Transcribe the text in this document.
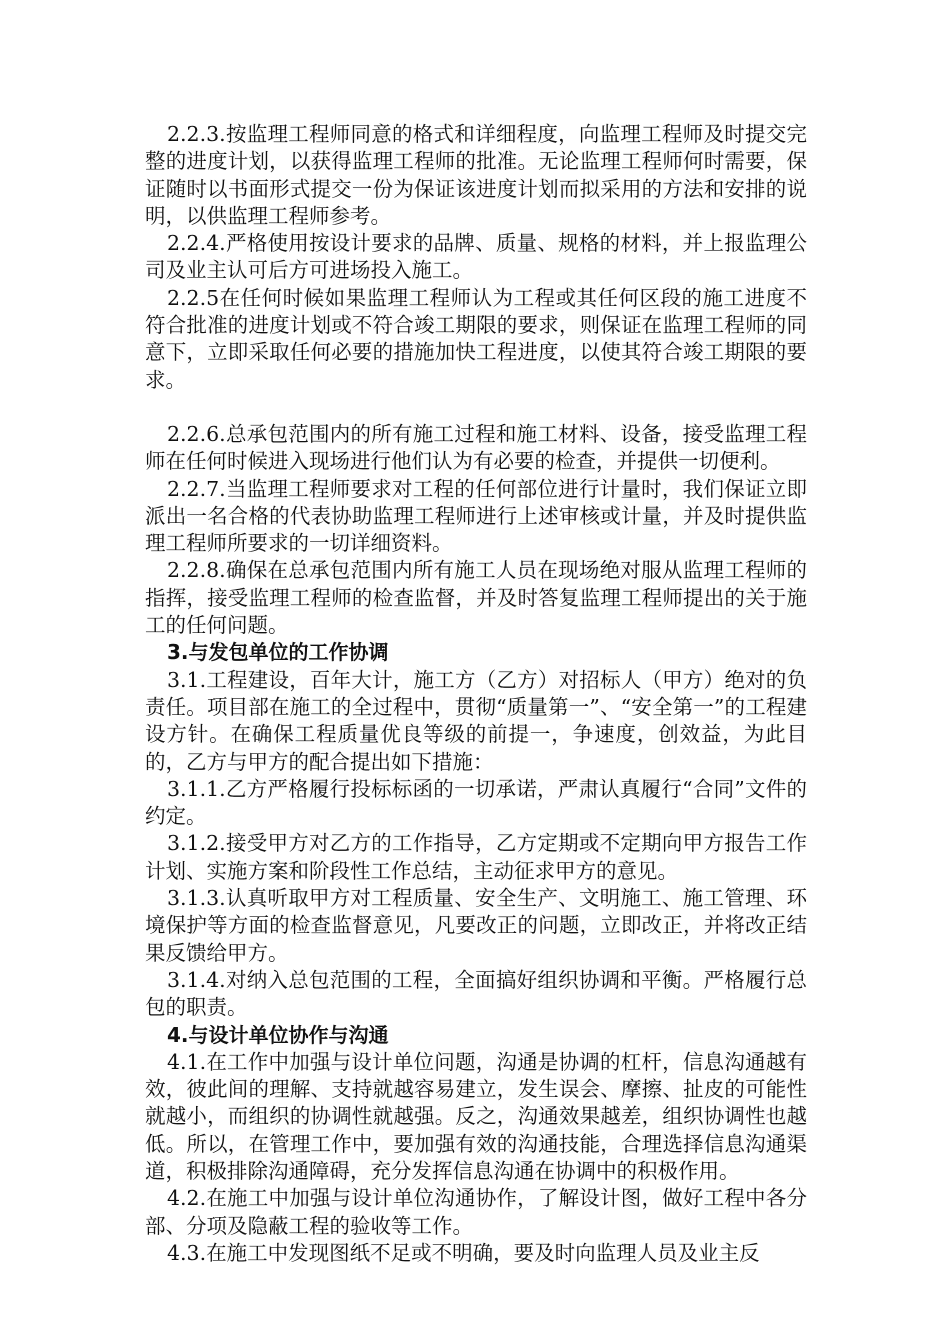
2.2.3.按监理工程师同意的格式和详细程度，向监理工程师及时提交完整的进度计划，以获得监理工程师的批准。无论监理工程师何时需要，保证随时以书面形式提交一份为保证该进度计划而拟采用的方法和安排的说明，以供监理工程师参考。

2.2.4.严格使用按设计要求的品牌、质量、规格的材料，并上报监理公司及业主认可后方可进场投入施工。

2.2.5在任何时候如果监理工程师认为工程或其任何区段的施工进度不符合批准的进度计划或不符合竣工期限的要求，则保证在监理工程师的同意下，立即采取任何必要的措施加快工程进度，以使其符合竣工期限的要求。

2.2.6.总承包范围内的所有施工过程和施工材料、设备，接受监理工程师在任何时候进入现场进行他们认为有必要的检查，并提供一切便利。

2.2.7.当监理工程师要求对工程的任何部位进行计量时，我们保证立即派出一名合格的代表协助监理工程师进行上述审核或计量，并及时提供监理工程师所要求的一切详细资料。

2.2.8.确保在总承包范围内所有施工人员在现场绝对服从监理工程师的指挥，接受监理工程师的检查监督，并及时答复监理工程师提出的关于施工的任何问题。

3.与发包单位的工作协调

3.1.工程建设，百年大计，施工方（乙方）对招标人（甲方）绝对的负责任。项目部在施工的全过程中，贯彻“质量第一”、“安全第一”的工程建设方针。在确保工程质量优良等级的前提一，争速度，创效益，为此目的，乙方与甲方的配合提出如下措施：

3.1.1.乙方严格履行投标标函的一切承诺，严肃认真履行“合同”文件的约定。

3.1.2.接受甲方对乙方的工作指导，乙方定期或不定期向甲方报告工作计划、实施方案和阶段性工作总结，主动征求甲方的意见。

3.1.3.认真听取甲方对工程质量、安全生产、文明施工、施工管理、环境保护等方面的检查监督意见，凡要改正的问题，立即改正，并将改正结果反馈给甲方。

3.1.4.对纳入总包范围的工程，全面搞好组织协调和平衡。严格履行总包的职责。

4.与设计单位协作与沟通

4.1.在工作中加强与设计单位问题，沟通是协调的杠杆，信息沟通越有效，彼此间的理解、支持就越容易建立，发生误会、摩擦、扯皮的可能性就越小，而组织的协调性就越强。反之，沟通效果越差，组织协调性也越低。所以，在管理工作中，要加强有效的沟通技能，合理选择信息沟通渠道，积极排除沟通障碍，充分发挥信息沟通在协调中的积极作用。

4.2.在施工中加强与设计单位沟通协作，了解设计图，做好工程中各分部、分项及隐蔽工程的验收等工作。

4.3.在施工中发现图纸不足或不明确，要及时向监理人员及业主反
